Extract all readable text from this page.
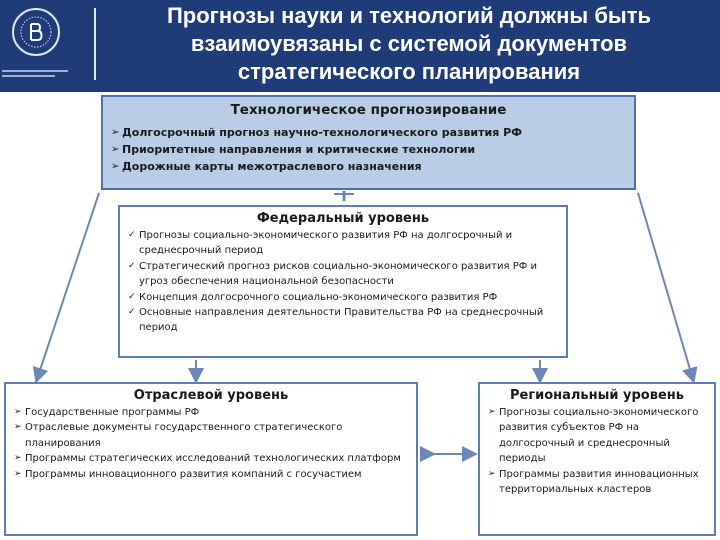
Прогнозы науки и технологий должны быть
взаимоувязаны с системой документов
стратегического планирования
Технологическое прогнозирование
➢ Долгосрочный прогноз научно-технологического развития РФ
➢ Приоритетные направления и критические технологии
➢ Дорожные карты межотраслевого назначения
Федеральный уровень
✓ Прогнозы социально-экономического развития РФ на долгосрочный и среднесрочный период
✓ Стратегический прогноз рисков социально-экономического развития РФ и угроз обеспечения национальной безопасности
✓ Концепция долгосрочного социально-экономического развития РФ
✓ Основные направления деятельности Правительства РФ на среднесрочный период
Отраслевой уровень
➢ Государственные программы РФ
➢ Отраслевые документы государственного стратегического планирования
➢ Программы стратегических исследований технологических платформ
➢ Программы инновационного развития компаний с госучастием
Региональный уровень
➢ Прогнозы социально-экономического развития субъектов РФ на долгосрочный и среднесрочный периоды
➢ Программы развития инновационных территориальных кластеров
